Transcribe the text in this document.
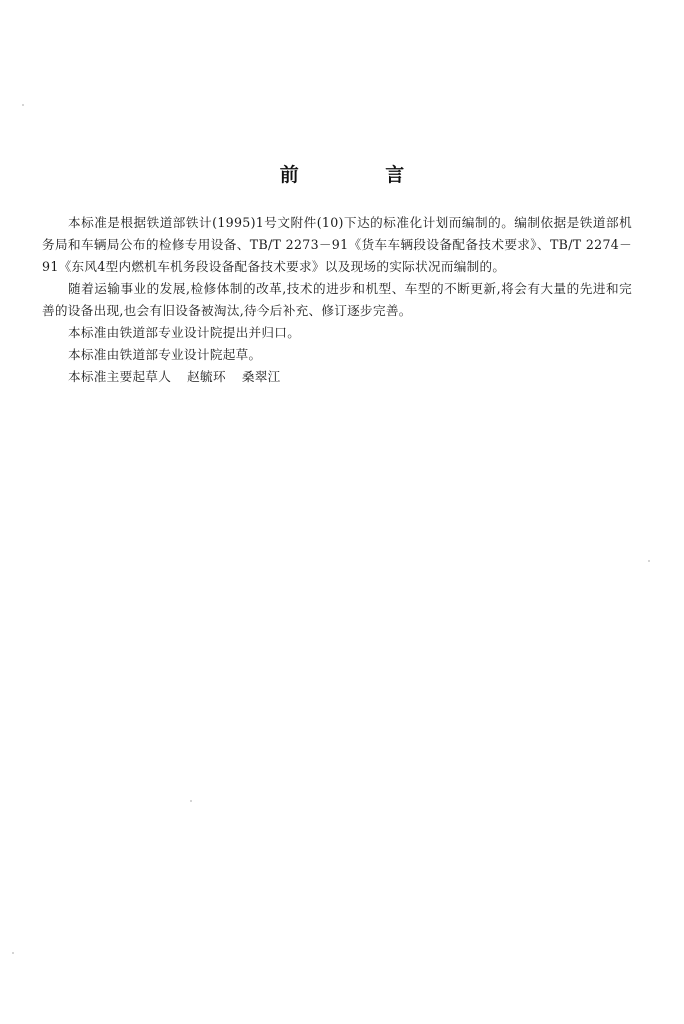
前 言

本标准是根据铁道部铁计(1995)1号文附件(10)下达的标准化计划而编制的。编制依据是铁道部机务局和车辆局公布的检修专用设备、TB/T 2273－91《货车车辆段设备配备技术要求》、TB/T 2274－91《东风4型内燃机车机务段设备配备技术要求》以及现场的实际状况而编制的。

随着运输事业的发展,检修体制的改革,技术的进步和机型、车型的不断更新,将会有大量的先进和完善的设备出现,也会有旧设备被淘汰,待今后补充、修订逐步完善。

本标准由铁道部专业设计院提出并归口。

本标准由铁道部专业设计院起草。

本标准主要起草人 赵毓环 桑翠江
